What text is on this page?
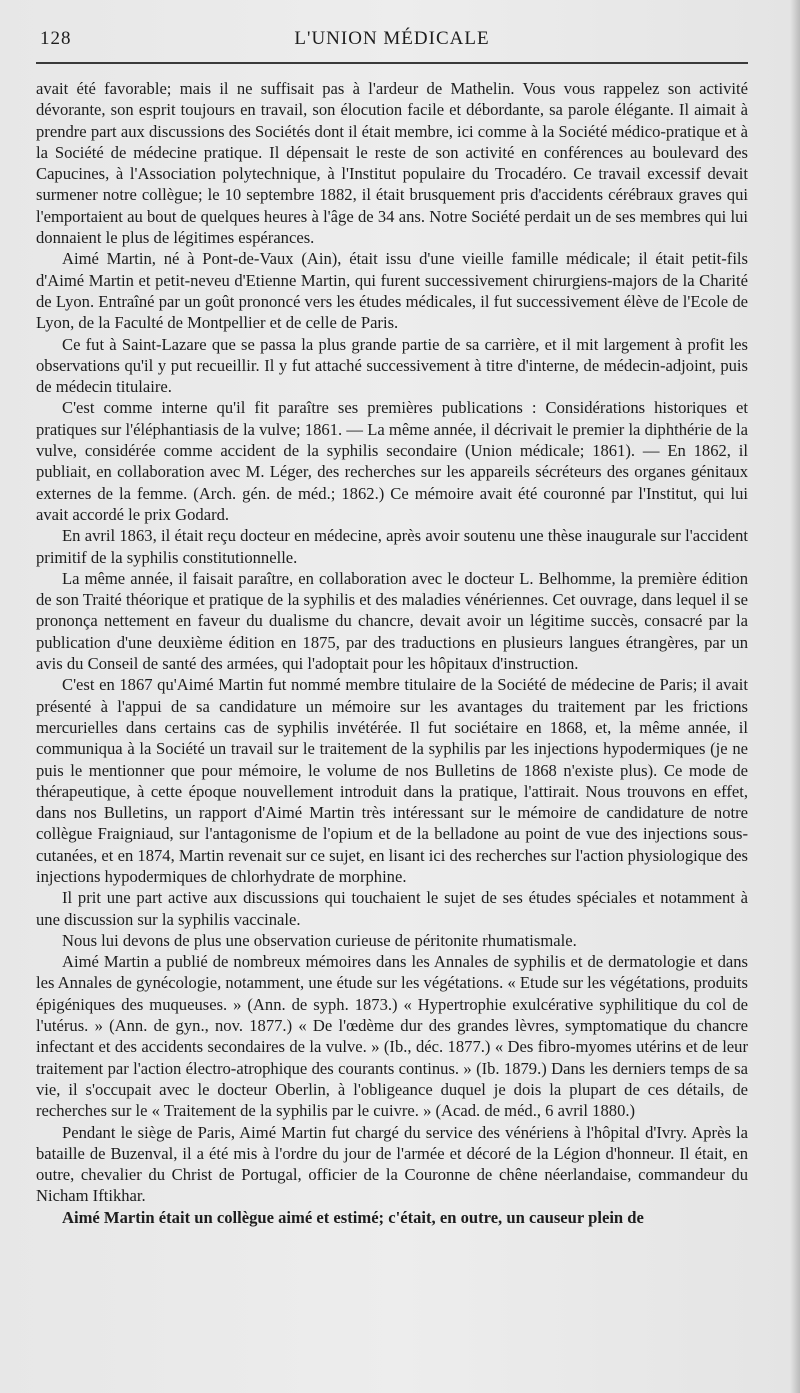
128	L'UNION MÉDICALE

avait été favorable; mais il ne suffisait pas à l'ardeur de Mathelin. Vous vous rappelez son activité dévorante, son esprit toujours en travail, son élocution facile et débordante, sa parole élégante. Il aimait à prendre part aux discussions des Sociétés dont il était membre, ici comme à la Société médico-pratique et à la Société de médecine pratique. Il dépensait le reste de son activité en conférences au boulevard des Capucines, à l'Association polytechnique, à l'Institut populaire du Trocadéro. Ce travail excessif devait surmener notre collègue; le 10 septembre 1882, il était brusquement pris d'accidents cérébraux graves qui l'emportaient au bout de quelques heures à l'âge de 34 ans. Notre Société perdait un de ses membres qui lui donnaient le plus de légitimes espérances.

Aimé Martin, né à Pont-de-Vaux (Ain), était issu d'une vieille famille médicale; il était petit-fils d'Aimé Martin et petit-neveu d'Etienne Martin, qui furent successivement chirurgiens-majors de la Charité de Lyon. Entraîné par un goût prononcé vers les études médicales, il fut successivement élève de l'Ecole de Lyon, de la Faculté de Montpellier et de celle de Paris.

Ce fut à Saint-Lazare que se passa la plus grande partie de sa carrière, et il mit largement à profit les observations qu'il y put recueillir. Il y fut attaché successivement à titre d'interne, de médecin-adjoint, puis de médecin titulaire.

C'est comme interne qu'il fit paraître ses premières publications : Considérations historiques et pratiques sur l'éléphantiasis de la vulve; 1861. — La même année, il décrivait le premier la diphthérie de la vulve, considérée comme accident de la syphilis secondaire (Union médicale; 1861). — En 1862, il publiait, en collaboration avec M. Léger, des recherches sur les appareils sécréteurs des organes génitaux externes de la femme. (Arch. gén. de méd.; 1862.) Ce mémoire avait été couronné par l'Institut, qui lui avait accordé le prix Godard.

En avril 1863, il était reçu docteur en médecine, après avoir soutenu une thèse inaugurale sur l'accident primitif de la syphilis constitutionnelle.

La même année, il faisait paraître, en collaboration avec le docteur L. Belhomme, la première édition de son Traité théorique et pratique de la syphilis et des maladies vénériennes. Cet ouvrage, dans lequel il se prononça nettement en faveur du dualisme du chancre, devait avoir un légitime succès, consacré par la publication d'une deuxième édition en 1875, par des traductions en plusieurs langues étrangères, par un avis du Conseil de santé des armées, qui l'adoptait pour les hôpitaux d'instruction.

C'est en 1867 qu'Aimé Martin fut nommé membre titulaire de la Société de médecine de Paris; il avait présenté à l'appui de sa candidature un mémoire sur les avantages du traitement par les frictions mercurielles dans certains cas de syphilis invétérée. Il fut sociétaire en 1868, et, la même année, il communiqua à la Société un travail sur le traitement de la syphilis par les injections hypodermiques (je ne puis le mentionner que pour mémoire, le volume de nos Bulletins de 1868 n'existe plus). Ce mode de thérapeutique, à cette époque nouvellement introduit dans la pratique, l'attirait. Nous trouvons en effet, dans nos Bulletins, un rapport d'Aimé Martin très intéressant sur le mémoire de candidature de notre collègue Fraigniaud, sur l'antagonisme de l'opium et de la belladone au point de vue des injections sous-cutanées, et en 1874, Martin revenait sur ce sujet, en lisant ici des recherches sur l'action physiologique des injections hypodermiques de chlorhydrate de morphine.

Il prit une part active aux discussions qui touchaient le sujet de ses études spéciales et notamment à une discussion sur la syphilis vaccinale.

Nous lui devons de plus une observation curieuse de péritonite rhumatismale.

Aimé Martin a publié de nombreux mémoires dans les Annales de syphilis et de dermatologie et dans les Annales de gynécologie, notamment, une étude sur les végétations. « Etude sur les végétations, produits épigéniques des muqueuses. » (Ann. de syph. 1873.) « Hypertrophie exulcérative syphilitique du col de l'utérus. » (Ann. de gyn., nov. 1877.) « De l'œdème dur des grandes lèvres, symptomatique du chancre infectant et des accidents secondaires de la vulve. » (Ib., déc. 1877.) « Des fibro-myomes utérins et de leur traitement par l'action électro-atrophique des courants continus. » (Ib. 1879.) Dans les derniers temps de sa vie, il s'occupait avec le docteur Oberlin, à l'obligeance duquel je dois la plupart de ces détails, de recherches sur le « Traitement de la syphilis par le cuivre. » (Acad. de méd., 6 avril 1880.)

Pendant le siège de Paris, Aimé Martin fut chargé du service des vénériens à l'hôpital d'Ivry. Après la bataille de Buzenval, il a été mis à l'ordre du jour de l'armée et décoré de la Légion d'honneur. Il était, en outre, chevalier du Christ de Portugal, officier de la Couronne de chêne néerlandaise, commandeur du Nicham Iftikhar.

Aimé Martin était un collègue aimé et estimé; c'était, en outre, un causeur plein de
